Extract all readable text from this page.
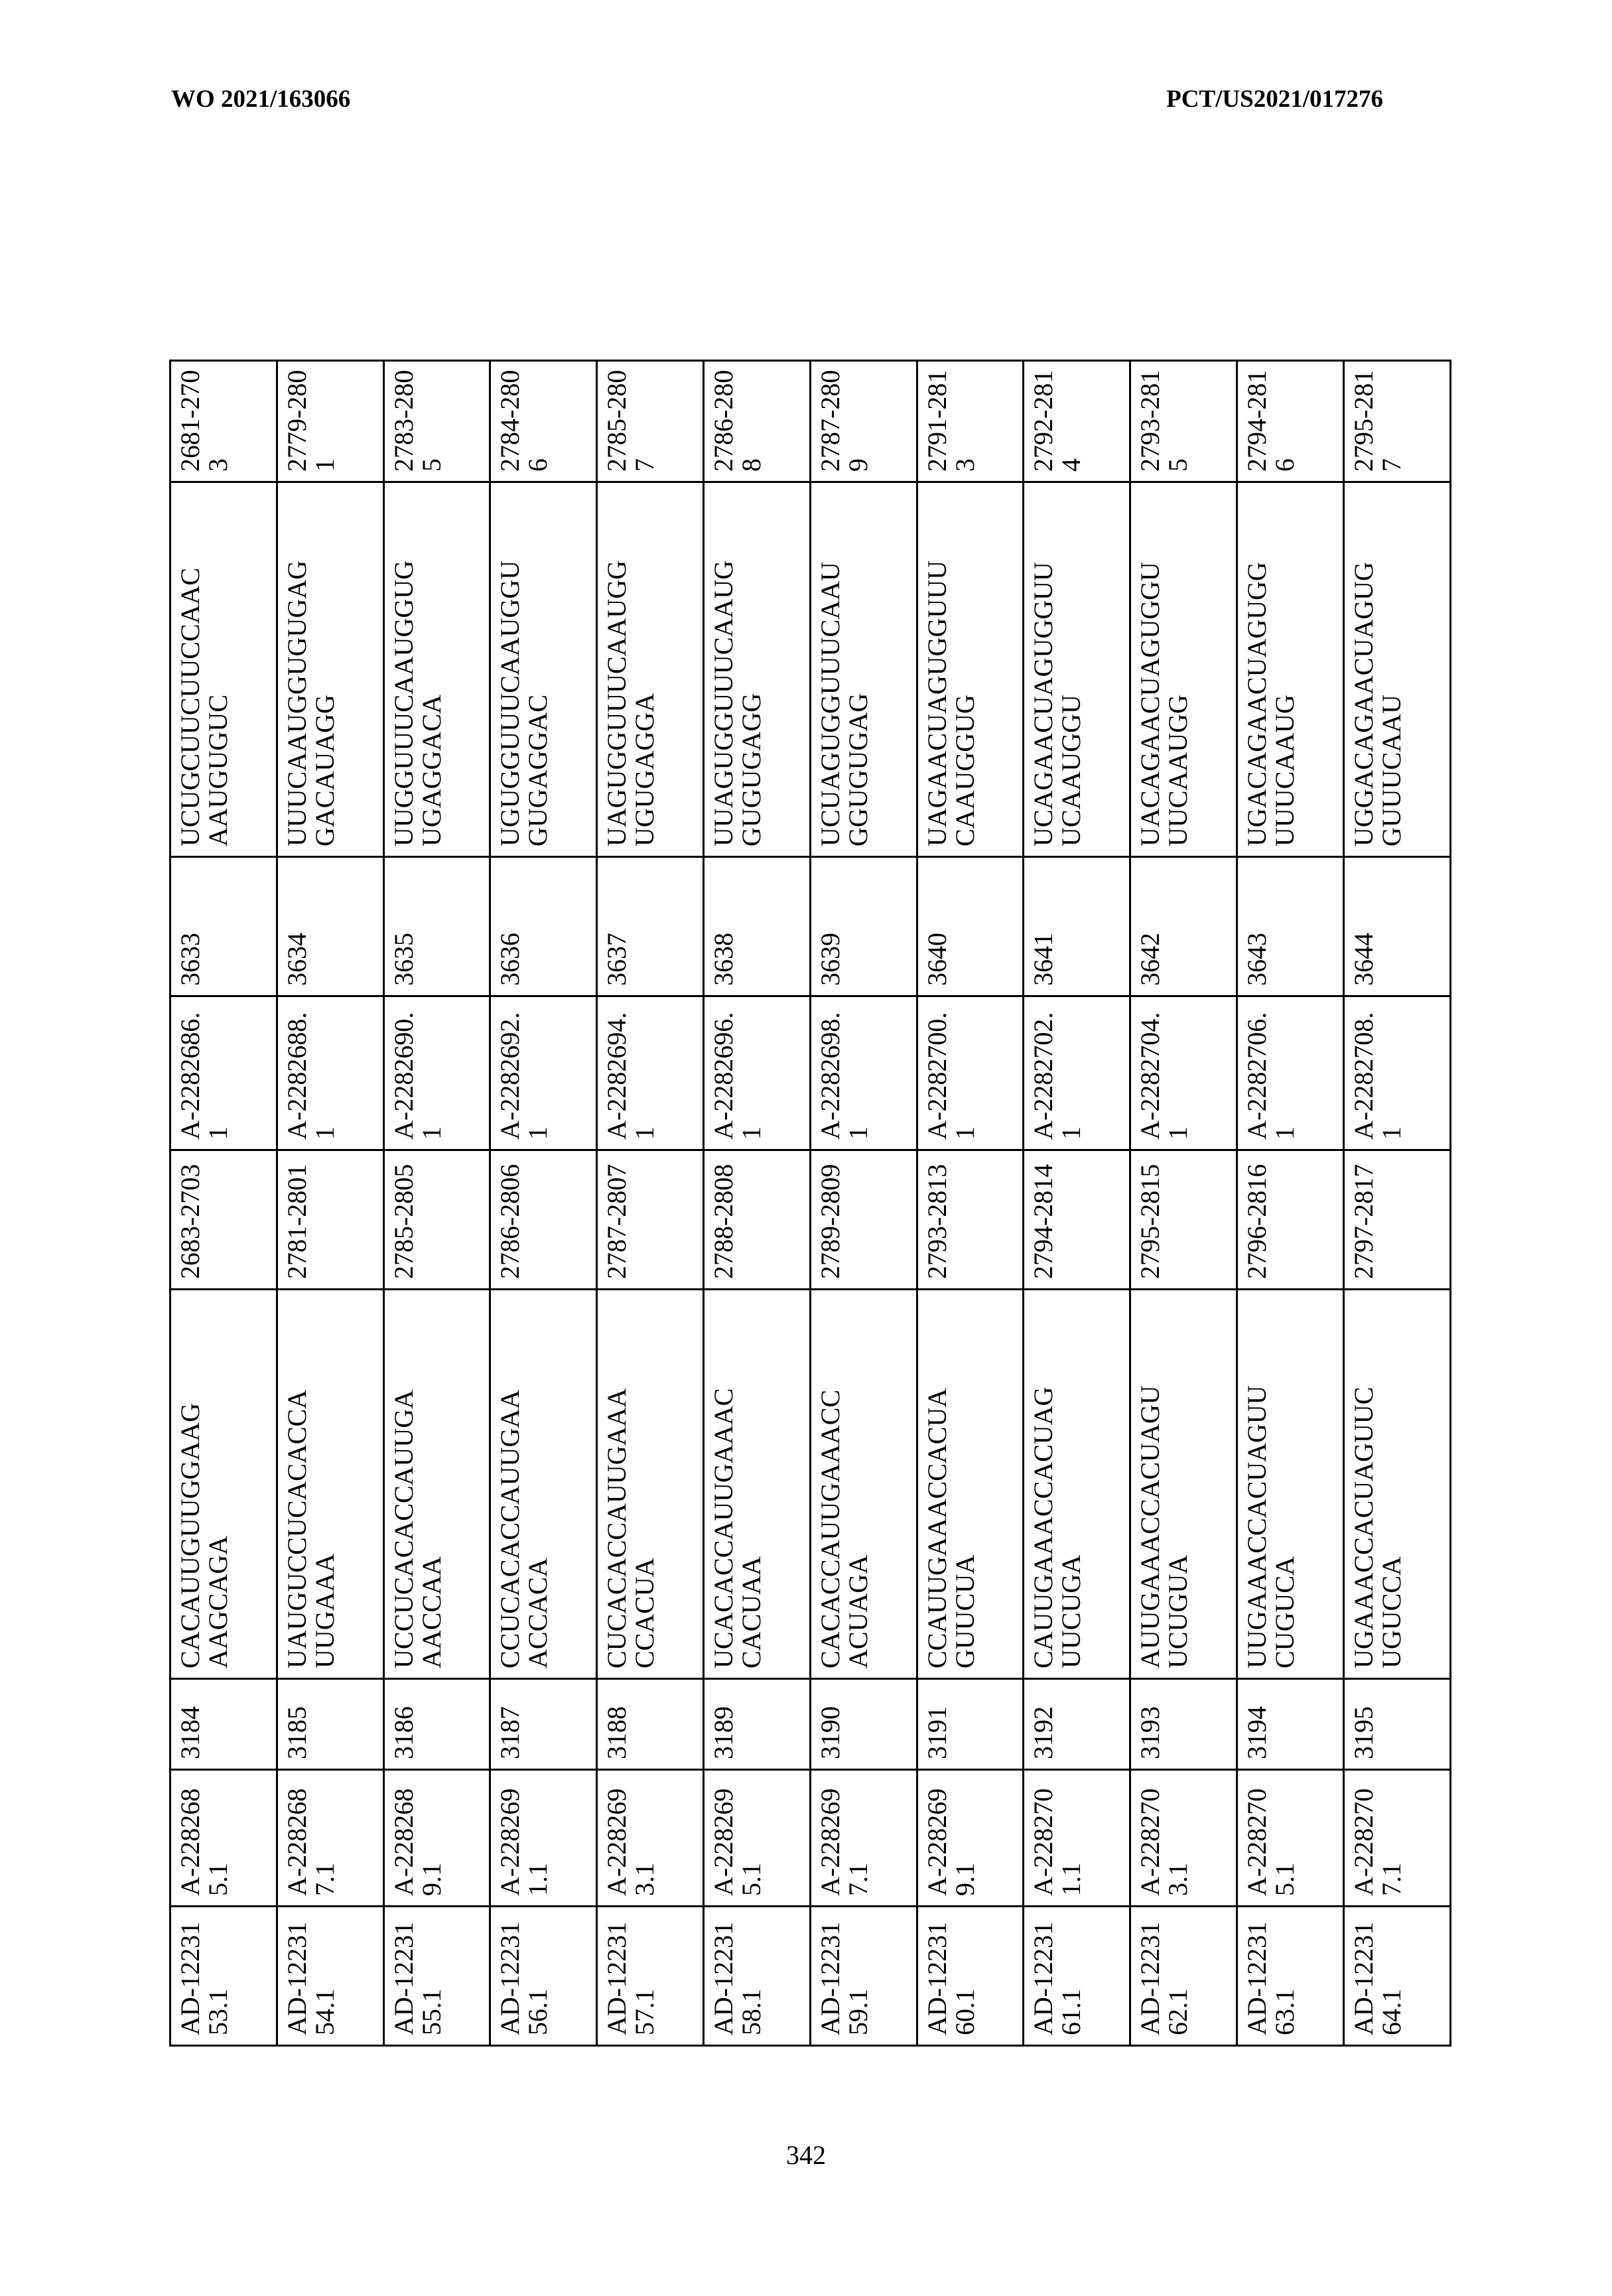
WO 2021/163066	PCT/US2021/017276
AD-1223153.1	A-2282685.1	3184	CACAUUGUUGGAAG AAGCAGA	2683-2703	A-2282686.1	3633	UCUGCUUCUUCCAAC AAUGUGUC	2681-2703
AD-1223154.1	A-2282687.1	3185	UAUGUCCUCACACCA UUGAAA	2781-2801	A-2282688.1	3634	UUUCAAUGGUGUGAG GACAUAGG	2779-2801
AD-1223155.1	A-2282689.1	3186	UCCUCACACCAUUGA AACCAA	2785-2805	A-2282690.1	3635	UUGGUUUCAAUGGUG UGAGGACA	2783-2805
AD-1223156.1	A-2282691.1	3187	CCUCACACCAUUGAA ACCACA	2786-2806	A-2282692.1	3636	UGUGGUUUCAAUGGU GUGAGGAC	2784-2806
AD-1223157.1	A-2282693.1	3188	CUCACACCAUUGAAA CCACUA	2787-2807	A-2282694.1	3637	UAGUGGUUUCAAUGG UGUGAGGA	2785-2807
AD-1223158.1	A-2282695.1	3189	UCACACCAUUGAAAC CACUAA	2788-2808	A-2282696.1	3638	UUAGUGGUUUCAAUG GUGUGAGG	2786-2808
AD-1223159.1	A-2282697.1	3190	CACACCAUUGAAACC ACUAGA	2789-2809	A-2282698.1	3639	UCUAGUGGUUUCAAU GGUGUGAG	2787-2809
AD-1223160.1	A-2282699.1	3191	CCAUUGAAACCACUA GUUCUA	2793-2813	A-2282700.1	3640	UAGAACUAGUGGUUU CAAUGGUG	2791-2813
AD-1223161.1	A-2282701.1	3192	CAUUGAAACCACUAG UUCUGA	2794-2814	A-2282702.1	3641	UCAGAACUAGUGGUU UCAAUGGU	2792-2814
AD-1223162.1	A-2282703.1	3193	AUUGAAACCACUAGU UCUGUA	2795-2815	A-2282704.1	3642	UACAGAACUAGUGGU UUCAAUGG	2793-2815
AD-1223163.1	A-2282705.1	3194	UUGAAACCACUAGUU CUGUCA	2796-2816	A-2282706.1	3643	UGACAGAACUAGUGG UUUCAAUG	2794-2816
AD-1223164.1	A-2282707.1	3195	UGAAACCACUAGUUC UGUCCA	2797-2817	A-2282708.1	3644	UGGACAGAACUAGUG GUUUCAAU	2795-2817
342
